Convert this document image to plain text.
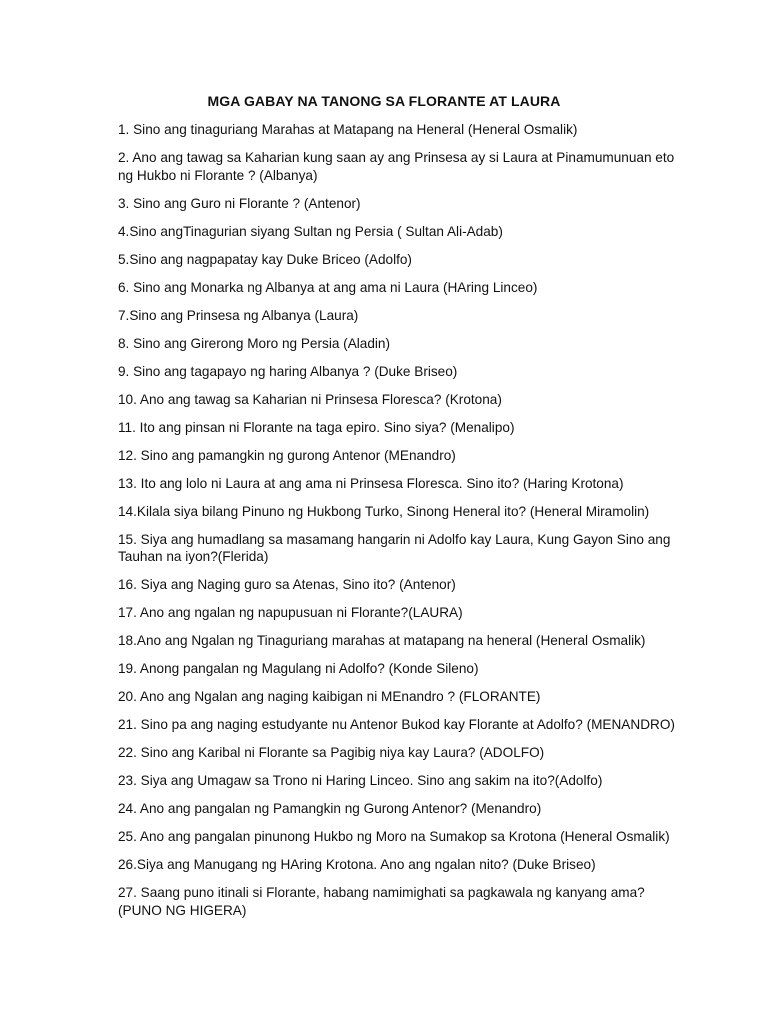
MGA GABAY NA TANONG SA FLORANTE AT LAURA
1. Sino ang tinaguriang Marahas at Matapang na Heneral (Heneral Osmalik)
2. Ano ang tawag sa Kaharian kung saan ay ang Prinsesa ay si Laura at Pinamumunuan eto ng Hukbo ni Florante ? (Albanya)
3. Sino ang Guro ni Florante ? (Antenor)
4.Sino angTinagurian siyang Sultan ng Persia ( Sultan Ali-Adab)
5.Sino ang nagpapatay kay Duke Briceo (Adolfo)
6. Sino ang Monarka ng Albanya at ang ama ni Laura (HAring Linceo)
7.Sino ang Prinsesa ng Albanya (Laura)
8. Sino ang Girerong Moro ng Persia (Aladin)
9. Sino ang tagapayo ng haring Albanya ? (Duke Briseo)
10. Ano ang tawag sa Kaharian ni Prinsesa Floresca? (Krotona)
11. Ito ang pinsan ni Florante na taga epiro. Sino siya? (Menalipo)
12. Sino ang pamangkin ng gurong Antenor (MEnandro)
13. Ito ang lolo ni Laura at ang ama ni Prinsesa Floresca. Sino ito? (Haring Krotona)
14.Kilala siya bilang Pinuno ng Hukbong Turko, Sinong Heneral ito? (Heneral Miramolin)
15. Siya ang humadlang sa masamang hangarin ni Adolfo kay Laura, Kung Gayon Sino ang Tauhan na iyon?(Flerida)
16. Siya ang Naging guro sa Atenas, Sino ito? (Antenor)
17. Ano ang ngalan ng napupusuan ni Florante?(LAURA)
18.Ano ang Ngalan ng Tinaguriang marahas at matapang na heneral (Heneral Osmalik)
19. Anong pangalan ng Magulang ni Adolfo? (Konde Sileno)
20. Ano ang Ngalan ang naging kaibigan ni MEnandro ? (FLORANTE)
21. Sino pa ang naging estudyante nu Antenor Bukod kay Florante at Adolfo? (MENANDRO)
22. Sino ang Karibal ni Florante sa Pagibig niya kay Laura? (ADOLFO)
23. Siya ang Umagaw sa Trono ni Haring Linceo. Sino ang sakim na ito?(Adolfo)
24. Ano ang pangalan ng Pamangkin ng Gurong Antenor? (Menandro)
25. Ano ang pangalan pinunong Hukbo ng Moro na Sumakop sa Krotona (Heneral Osmalik)
26.Siya ang Manugang ng HAring Krotona. Ano ang ngalan nito? (Duke Briseo)
27. Saang puno itinali si Florante, habang namimighati sa pagkawala ng kanyang ama? (PUNO NG HIGERA)
